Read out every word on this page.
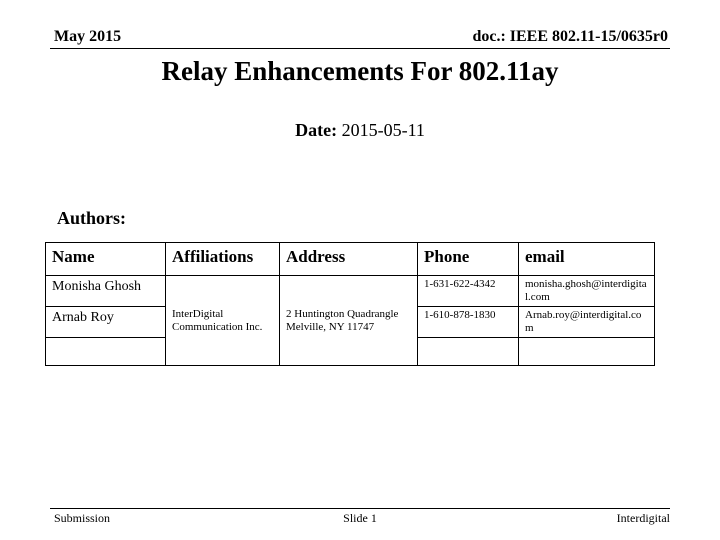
May 2015	doc.: IEEE 802.11-15/0635r0
Relay Enhancements For 802.11ay
Date: 2015-05-11
Authors:
Name	Affiliations	Address	Phone	email
Monisha Ghosh	InterDigital Communication Inc.	2 Huntington Quadrangle Melville, NY 11747	1-631-622-4342	monisha.ghosh@interdigital.com
Arnab Roy			1-610-878-1830	Arnab.roy@interdigital.com

Submission	Slide 1	Interdigital
